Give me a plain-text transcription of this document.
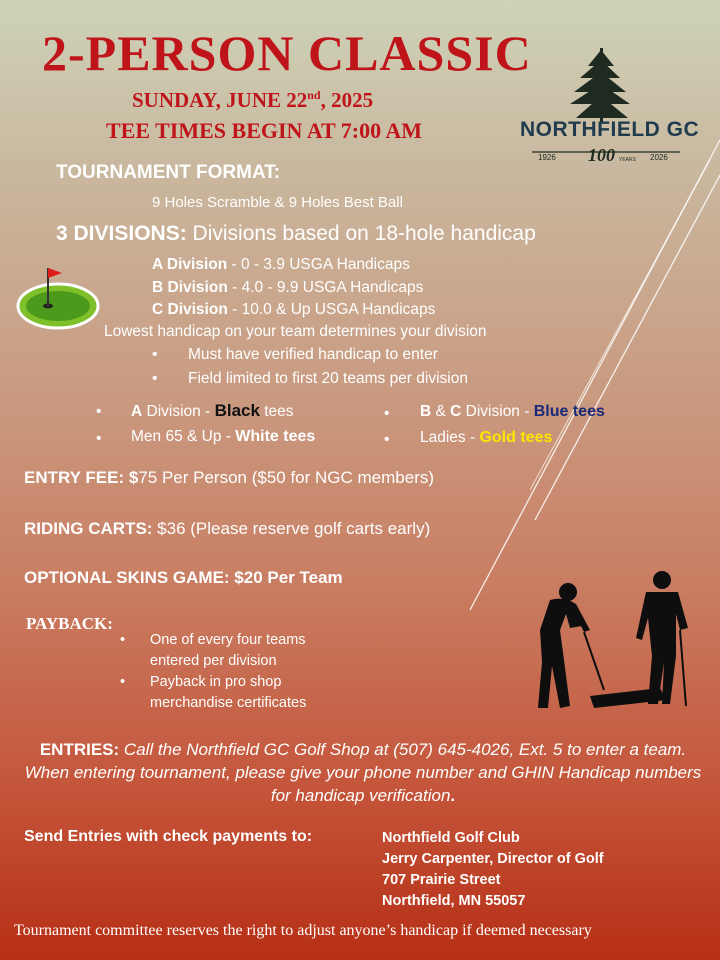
2-PERSON CLASSIC
SUNDAY, JUNE 22nd, 2025
TEE TIMES BEGIN AT 7:00 AM	NORTHFIELD GC
1926 100 YEARS 2026
TOURNAMENT FORMAT:
9 Holes Scramble & 9 Holes Best Ball
3 DIVISIONS: Divisions based on 18-hole handicap
A Division - 0 - 3.9 USGA Handicaps
B Division - 4.0 - 9.9 USGA Handicaps
C Division - 10.0 & Up USGA Handicaps
Lowest handicap on your team determines your division
• Must have verified handicap to enter
• Field limited to first 20 teams per division
• A Division - Black tees
• Men 65 & Up - White tees
• B & C Division - Blue tees
• Ladies - Gold tees
ENTRY FEE: $75 Per Person ($50 for NGC members)
RIDING CARTS: $36 (Please reserve golf carts early)
OPTIONAL SKINS GAME: $20 Per Team
PAYBACK:
• One of every four teams
entered per division
• Payback in pro shop
merchandise certificates
ENTRIES: Call the Northfield GC Golf Shop at (507) 645-4026, Ext. 5 to enter a team. When entering tournament, please give your phone number and GHIN Handicap numbers for handicap verification.
Send Entries with check payments to:	Northfield Golf Club
Jerry Carpenter, Director of Golf
707 Prairie Street
Northfield, MN 55057
Tournament committee reserves the right to adjust anyone’s handicap if deemed necessary
